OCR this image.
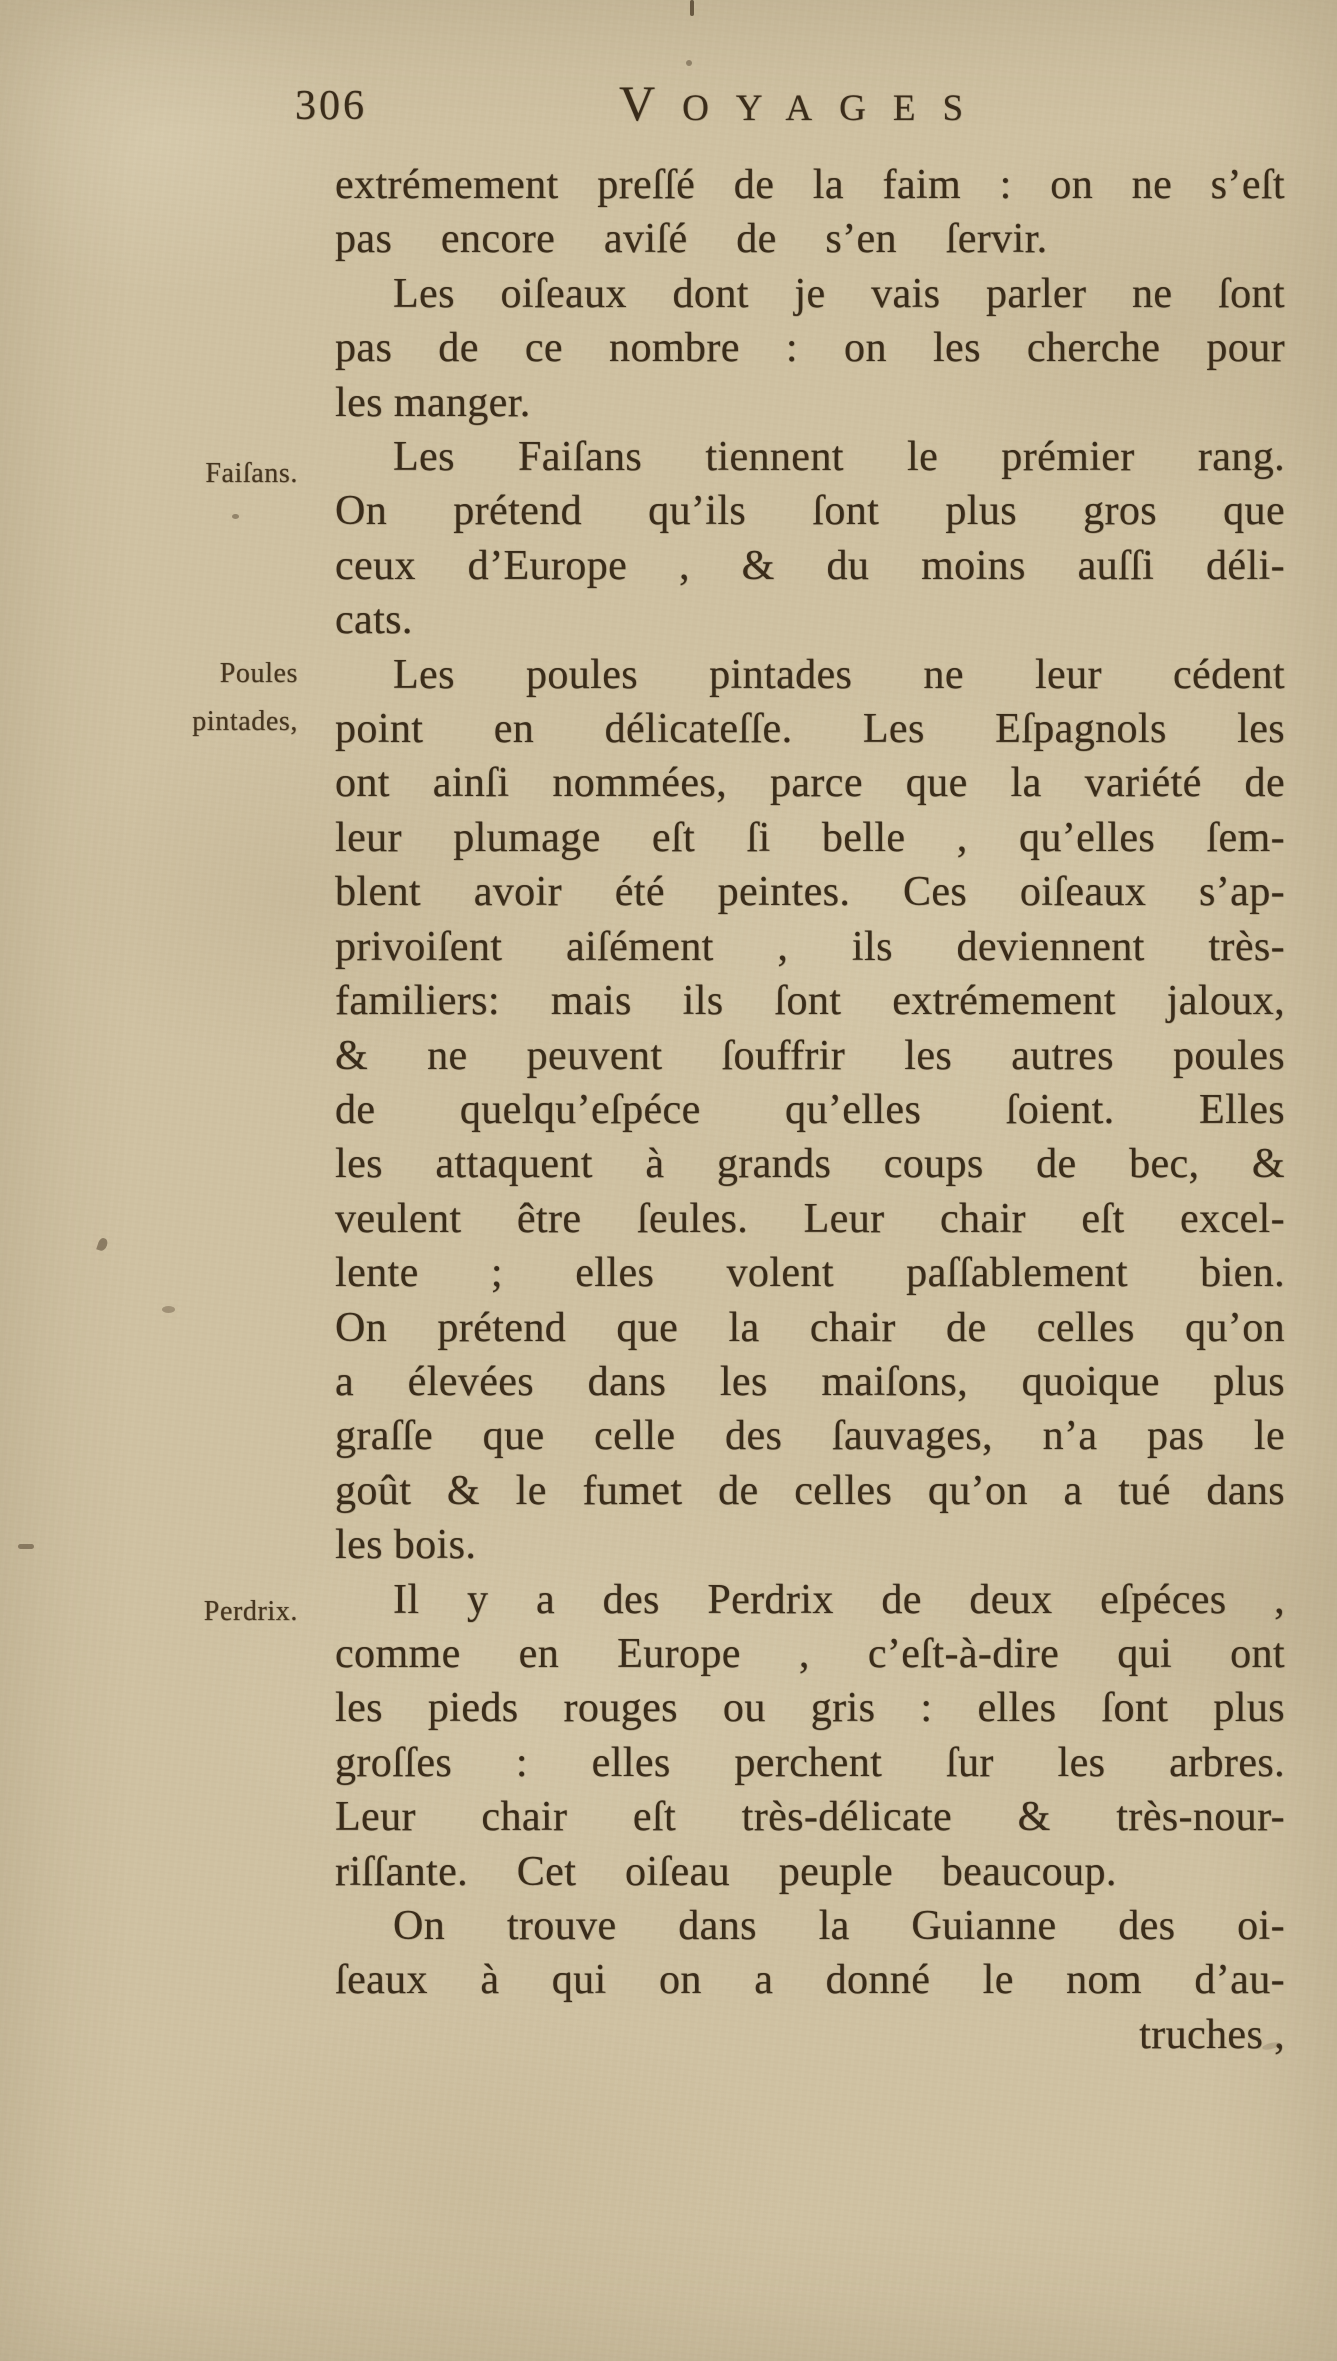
306	VOYAGES
Faiſans.
Poules
pintades,
Perdrix.
extrémement preſſé de la faim : on ne s’eſt
pas encore aviſé de s’en ſervir.
Les oiſeaux dont je vais parler ne ſont
pas de ce nombre : on les cherche pour
les manger.
Les Faiſans tiennent le prémier rang.
On prétend qu’ils ſont plus gros que
ceux d’Europe , & du moins auſſi déli-
cats.
Les poules pintades ne leur cédent
point en délicateſſe. Les Eſpagnols les
ont ainſi nommées, parce que la variété de
leur plumage eſt ſi belle , qu’elles ſem-
blent avoir été peintes. Ces oiſeaux s’ap-
privoiſent aiſément , ils deviennent très-
familiers: mais ils ſont extrémement jaloux,
& ne peuvent ſouffrir les autres poules
de quelqu’eſpéce qu’elles ſoient. Elles
les attaquent à grands coups de bec, &
veulent être ſeules. Leur chair eſt excel-
lente ; elles volent paſſablement bien.
On prétend que la chair de celles qu’on
a élevées dans les maiſons, quoique plus
graſſe que celle des ſauvages, n’a pas le
goût & le fumet de celles qu’on a tué dans
les bois.
Il y a des Perdrix de deux eſpéces ,
comme en Europe , c’eſt-à-dire qui ont
les pieds rouges ou gris : elles ſont plus
groſſes : elles perchent ſur les arbres.
Leur chair eſt très-délicate & très-nour-
riſſante. Cet oiſeau peuple beaucoup.
On trouve dans la Guianne des oi-
ſeaux à qui on a donné le nom d’au-
truches ,
